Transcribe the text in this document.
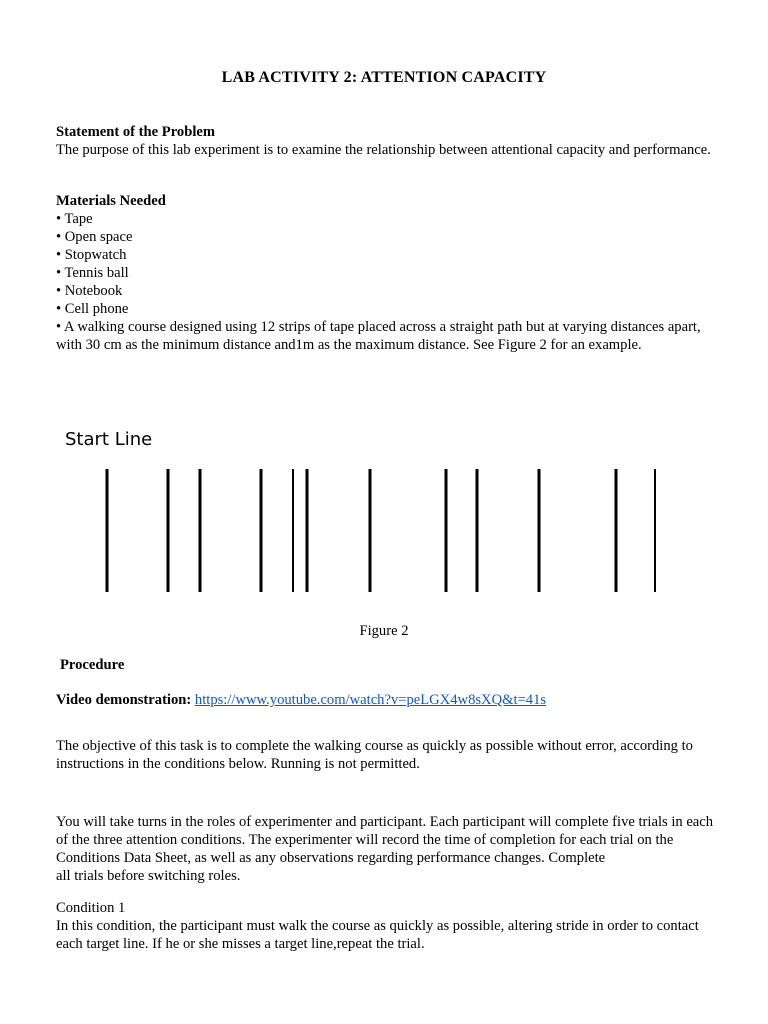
LAB ACTIVITY 2: ATTENTION CAPACITY
Statement of the Problem
The purpose of this lab experiment is to examine the relationship between attentional capacity and performance.
Materials Needed
• Tape
• Open space
• Stopwatch
• Tennis ball
• Notebook
• Cell phone
• A walking course designed using 12 strips of tape placed across a straight path but at varying distances apart, with 30 cm as the minimum distance and1m as the maximum distance. See Figure 2 for an example.
Start Line
Figure 2
Procedure
Video demonstration: https://www.youtube.com/watch?v=peLGX4w8sXQ&t=41s
The objective of this task is to complete the walking course as quickly as possible without error, according to instructions in the conditions below. Running is not permitted.
You will take turns in the roles of experimenter and participant. Each participant will complete five trials in each of the three attention conditions. The experimenter will record the time of completion for each trial on the Conditions Data Sheet, as well as any observations regarding performance changes. Complete
all trials before switching roles.
Condition 1
In this condition, the participant must walk the course as quickly as possible, altering stride in order to contact each target line. If he or she misses a target line,repeat the trial.
